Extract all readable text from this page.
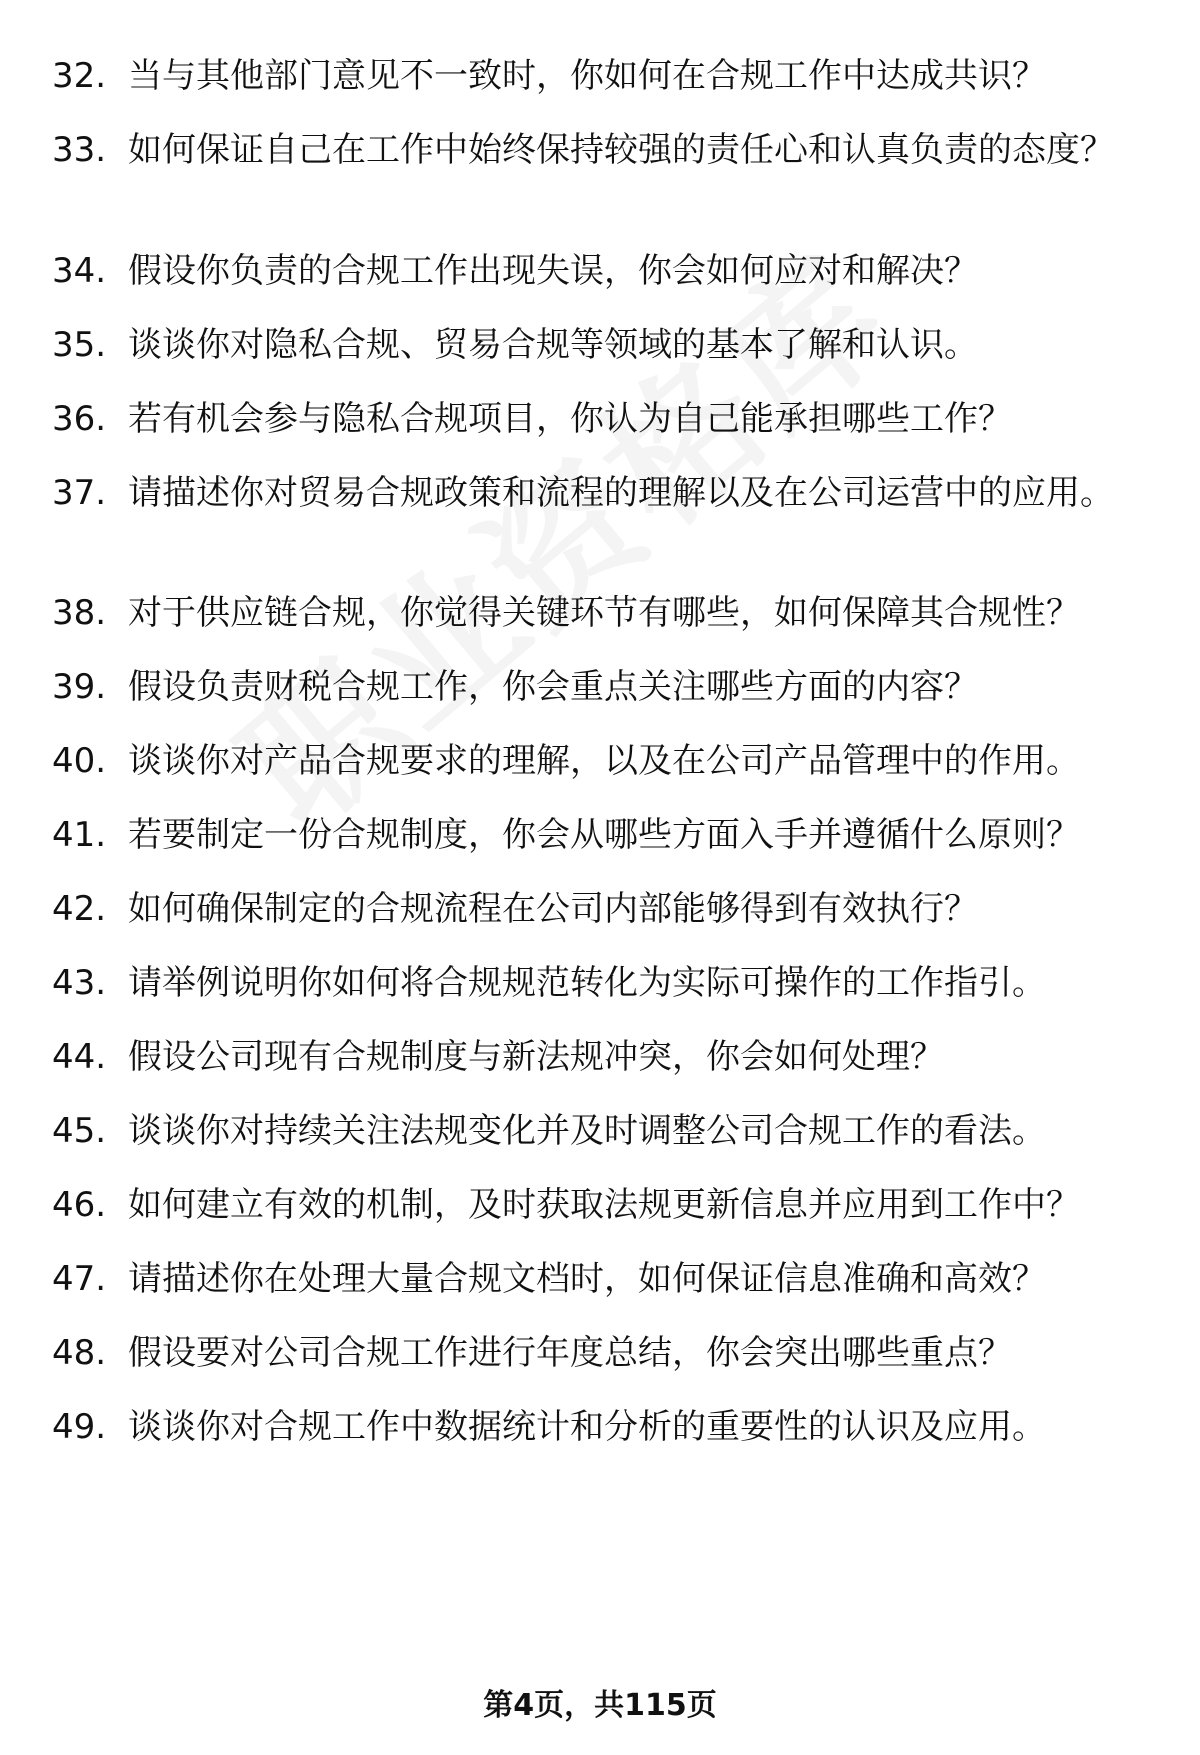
32. 当与其他部门意见不一致时，你如何在合规工作中达成共识？
33. 如何保证自己在工作中始终保持较强的责任心和认真负责的态度？
34. 假设你负责的合规工作出现失误，你会如何应对和解决？
35. 谈谈你对隐私合规、贸易合规等领域的基本了解和认识。
36. 若有机会参与隐私合规项目，你认为自己能承担哪些工作？
37. 请描述你对贸易合规政策和流程的理解以及在公司运营中的应用。
38. 对于供应链合规，你觉得关键环节有哪些，如何保障其合规性？
39. 假设负责财税合规工作，你会重点关注哪些方面的内容？
40. 谈谈你对产品合规要求的理解，以及在公司产品管理中的作用。
41. 若要制定一份合规制度，你会从哪些方面入手并遵循什么原则？
42. 如何确保制定的合规流程在公司内部能够得到有效执行？
43. 请举例说明你如何将合规规范转化为实际可操作的工作指引。
44. 假设公司现有合规制度与新法规冲突，你会如何处理？
45. 谈谈你对持续关注法规变化并及时调整公司合规工作的看法。
46. 如何建立有效的机制，及时获取法规更新信息并应用到工作中？
47. 请描述你在处理大量合规文档时，如何保证信息准确和高效？
48. 假设要对公司合规工作进行年度总结，你会突出哪些重点？
49. 谈谈你对合规工作中数据统计和分析的重要性的认识及应用。
第4页，共115页
